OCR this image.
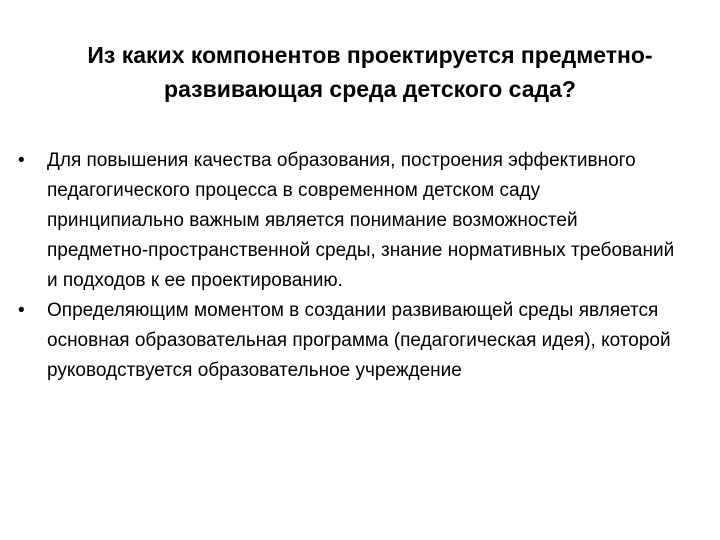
Из каких компонентов проектируется предметно-развивающая среда детского сада?
•	Для повышения качества образования, построения эффективного педагогического процесса в современном детском саду принципиально важным является понимание возможностей предметно-пространственной среды, знание нормативных требований и подходов к ее проектированию.
•	Определяющим моментом в создании развивающей среды является основная образовательная программа (педагогическая идея), которой руководствуется образовательное учреждение
